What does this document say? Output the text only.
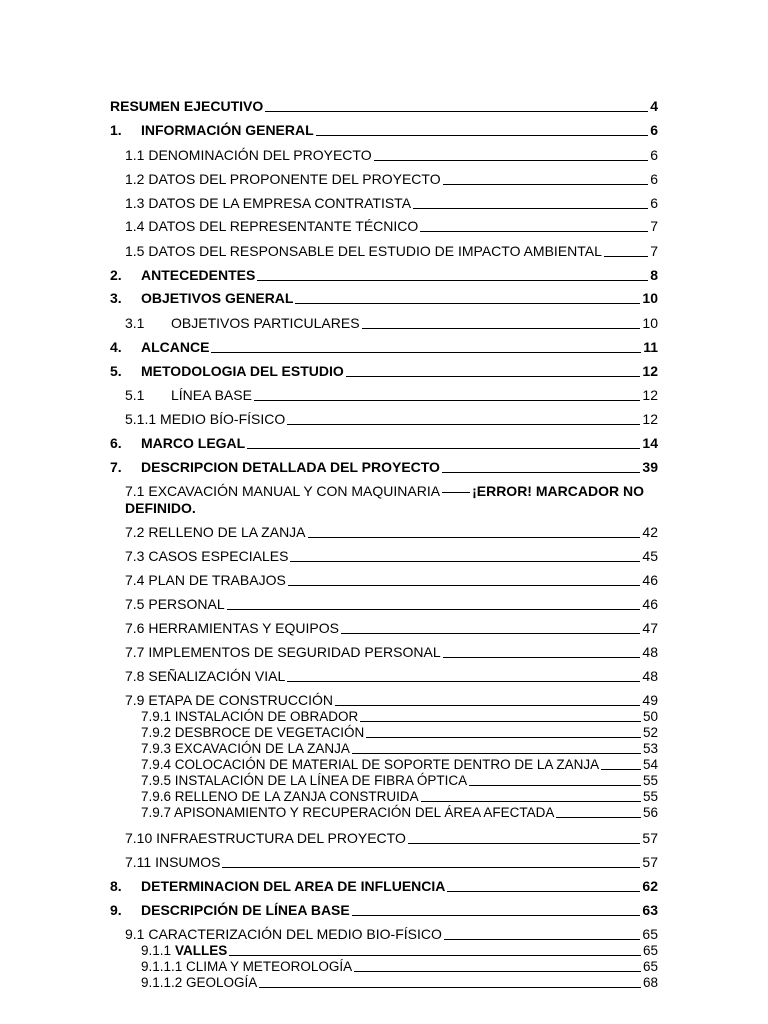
RESUMEN EJECUTIVO	4
1.	INFORMACIÓN GENERAL	6
1.1 DENOMINACIÓN DEL PROYECTO	6
1.2 DATOS DEL PROPONENTE DEL PROYECTO	6
1.3 DATOS DE LA EMPRESA CONTRATISTA	6
1.4 DATOS DEL REPRESENTANTE TÉCNICO	7
1.5 DATOS DEL RESPONSABLE DEL ESTUDIO DE IMPACTO AMBIENTAL	7
2.	ANTECEDENTES	8
3.	OBJETIVOS GENERAL	10
3.1	OBJETIVOS PARTICULARES	10
4.	ALCANCE	11
5.	METODOLOGIA DEL ESTUDIO	12
5.1	LÍNEA BASE	12
5.1.1 MEDIO BÍO-FÍSICO	12
6.	MARCO LEGAL	14
7.	DESCRIPCION DETALLADA DEL PROYECTO	39
7.1 EXCAVACIÓN MANUAL Y CON MAQUINARIA ¡ERROR! MARCADOR NO DEFINIDO.
7.2 RELLENO DE LA ZANJA	42
7.3 CASOS ESPECIALES	45
7.4 PLAN DE TRABAJOS	46
7.5 PERSONAL	46
7.6 HERRAMIENTAS Y EQUIPOS	47
7.7 IMPLEMENTOS DE SEGURIDAD PERSONAL	48
7.8 SEÑALIZACIÓN VIAL	48
7.9 ETAPA DE CONSTRUCCIÓN	49
7.9.1 INSTALACIÓN DE OBRADOR	50
7.9.2 DESBROCE DE VEGETACIÓN	52
7.9.3 EXCAVACIÓN DE LA ZANJA	53
7.9.4 COLOCACIÓN DE MATERIAL DE SOPORTE DENTRO DE LA ZANJA	54
7.9.5 INSTALACIÓN DE LA LÍNEA DE FIBRA ÓPTICA	55
7.9.6 RELLENO DE LA ZANJA CONSTRUIDA	55
7.9.7 APISONAMIENTO Y RECUPERACIÓN DEL ÁREA AFECTADA	56
7.10 INFRAESTRUCTURA DEL PROYECTO	57
7.11 INSUMOS	57
8.	DETERMINACION DEL AREA DE INFLUENCIA	62
9.	DESCRIPCIÓN DE LÍNEA BASE	63
9.1 CARACTERIZACIÓN DEL MEDIO BIO-FÍSICO	65
9.1.1 VALLES	65
9.1.1.1 CLIMA Y METEOROLOGÍA	65
9.1.1.2 GEOLOGÍA	68
